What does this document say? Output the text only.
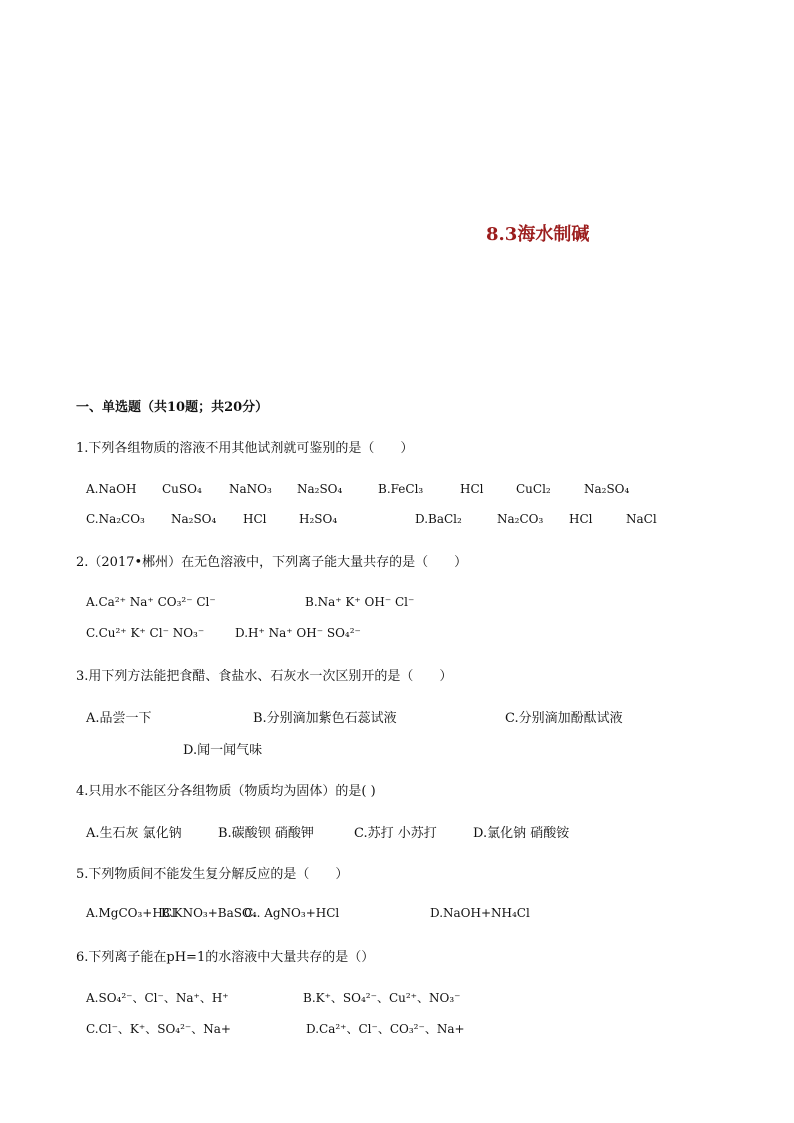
8.3海水制碱
一、单选题（共10题；共20分）
1.下列各组物质的溶液不用其他试剂就可鉴别的是（　　）
A.NaOH CuSO₄ NaNO₃ Na₂SO₄	B.FeCl₃	HCl	CuCl₂	Na₂SO₄
C.Na₂CO₃ Na₂SO₄ HCl	H₂SO₄	D.BaCl₂	Na₂CO₃ HCl	NaCl
2.（2017•郴州）在无色溶液中，下列离子能大量共存的是（　　）
A.Ca²⁺ Na⁺ CO₃²⁻ Cl⁻	B.Na⁺ K⁺ OH⁻ Cl⁻
C.Cu²⁺ K⁺ Cl⁻ NO₃⁻	D.H⁺ Na⁺ OH⁻ SO₄²⁻
3.用下列方法能把食醋、食盐水、石灰水一次区别开的是（　　）
A.品尝一下	B.分别滴加紫色石蕊试液	C.分别滴加酚酞试液
D.闻一闻气味
4.只用水不能区分各组物质（物质均为固体）的是( )
A.生石灰 氯化钠	B.碳酸钡 硝酸钾	C.苏打 小苏打	D.氯化钠 硝酸铵
5.下列物质间不能发生复分解反应的是（　　）
A.MgCO₃+HCl
B.KNO₃+BaSO₄
C.. AgNO₃+HCl	D.NaOH+NH₄Cl
6.下列离子能在pH=1的水溶液中大量共存的是（）
A.SO₄²⁻、Cl⁻、Na⁺、H⁺	B.K⁺、SO₄²⁻、Cu²⁺、NO₃⁻
C.Cl⁻、K⁺、SO₄²⁻、Na+	D.Ca²⁺、Cl⁻、CO₃²⁻、Na+
